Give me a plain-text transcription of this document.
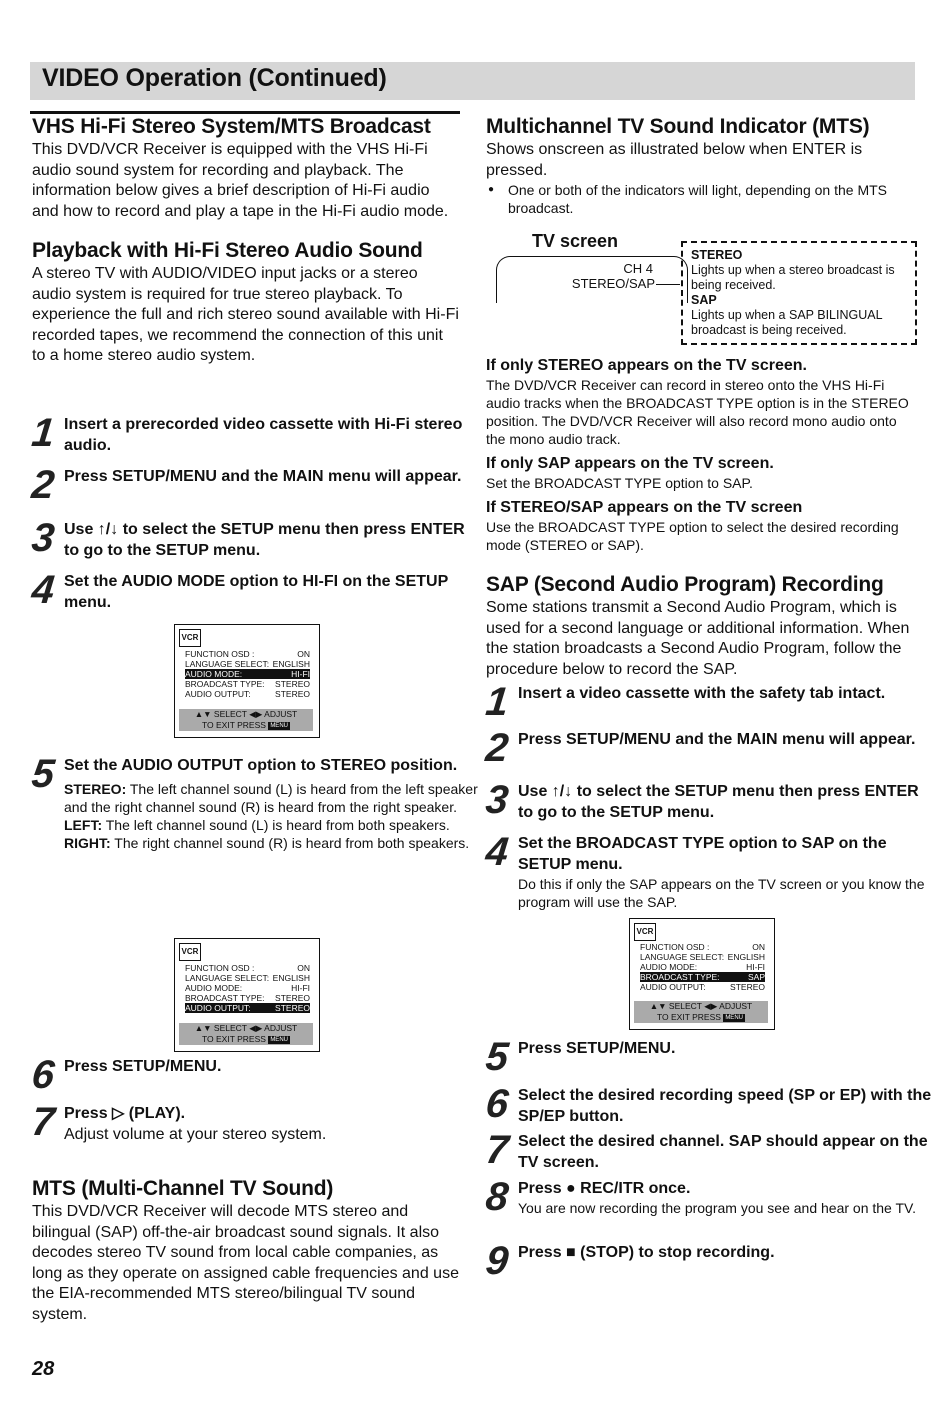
VIDEO Operation (Continued)
VHS Hi-Fi Stereo System/MTS Broadcast

This DVD/VCR Receiver is equipped with the VHS Hi-Fi audio sound system for recording and playback. The information below gives a brief description of Hi-Fi audio and how to record and play a tape in the Hi-Fi audio mode.

Playback with Hi-Fi Stereo Audio Sound

A stereo TV with AUDIO/VIDEO input jacks or a stereo audio system is required for true stereo playback. To experience the full and rich stereo sound available with Hi-Fi recorded tapes, we recommend the connection of this unit to a home stereo audio system.

1 Insert a prerecorded video cassette with Hi-Fi stereo audio.
2 Press SETUP/MENU and the MAIN menu will appear.
3 Use ↑/↓ to select the SETUP menu then press ENTER to go to the SETUP menu.
4 Set the AUDIO MODE option to HI-FI on the SETUP menu.
VCR
FUNCTION OSD :	ON
LANGUAGE SELECT: ENGLISH
AUDIO MODE:	HI-FI
BROADCAST TYPE: STEREO
AUDIO OUTPUT:	STEREO
▲▼ SELECT ◀▶ ADJUST
TO EXIT PRESS MENU
5 Set the AUDIO OUTPUT option to STEREO position.
STEREO: The left channel sound (L) is heard from the left speaker and the right channel sound (R) is heard from the right speaker.
LEFT: The left channel sound (L) is heard from both speakers.
RIGHT: The right channel sound (R) is heard from both speakers.
VCR
FUNCTION OSD :	ON
LANGUAGE SELECT: ENGLISH
AUDIO MODE:	HI-FI
BROADCAST TYPE: STEREO
AUDIO OUTPUT:	STEREO
▲▼ SELECT ◀▶ ADJUST
TO EXIT PRESS MENU
6 Press SETUP/MENU.
7 Press ▷ (PLAY).
Adjust volume at your stereo system.
MTS (Multi-Channel TV Sound)

This DVD/VCR Receiver will decode MTS stereo and bilingual (SAP) off-the-air broadcast sound signals. It also decodes stereo TV sound from local cable companies, as long as they operate on assigned cable frequencies and use the EIA-recommended MTS stereo/bilingual TV sound system.

Multichannel TV Sound Indicator (MTS)

Shows onscreen as illustrated below when ENTER is pressed.

● One or both of the indicators will light, depending on the MTS broadcast.
TV screen
CH 4
STEREO/SAP
STEREO
Lights up when a stereo broadcast is being received.
SAP
Lights up when a SAP BILINGUAL broadcast is being received.

If only STEREO appears on the TV screen.

The DVD/VCR Receiver can record in stereo onto the VHS Hi-Fi audio tracks when the BROADCAST TYPE option is in the STEREO position. The DVD/VCR Receiver will also record mono audio onto the mono audio track.

If only SAP appears on the TV screen.

Set the BROADCAST TYPE option to SAP.

If STEREO/SAP appears on the TV screen

Use the BROADCAST TYPE option to select the desired recording mode (STEREO or SAP).

SAP (Second Audio Program) Recording

Some stations transmit a Second Audio Program, which is used for a second language or additional information. When the station broadcasts a Second Audio Program, follow the procedure below to record the SAP.

1 Insert a video cassette with the safety tab intact.
2 Press SETUP/MENU and the MAIN menu will appear.
3 Use ↑/↓ to select the SETUP menu then press ENTER to go to the SETUP menu.
4 Set the BROADCAST TYPE option to SAP on the SETUP menu.
Do this if only the SAP appears on the TV screen or you know the program will use the SAP.
VCR
FUNCTION OSD :	ON
LANGUAGE SELECT: ENGLISH
AUDIO MODE:	HI-FI
BROADCAST TYPE:	SAP
AUDIO OUTPUT:	STEREO
▲▼ SELECT ◀▶ ADJUST
TO EXIT PRESS MENU
5 Press SETUP/MENU.
6 Select the desired recording speed (SP or EP) with the SP/EP button.
7 Select the desired channel. SAP should appear on the TV screen.
8 Press ● REC/ITR once.
You are now recording the program you see and hear on the TV.
9 Press ■ (STOP) to stop recording.
28
